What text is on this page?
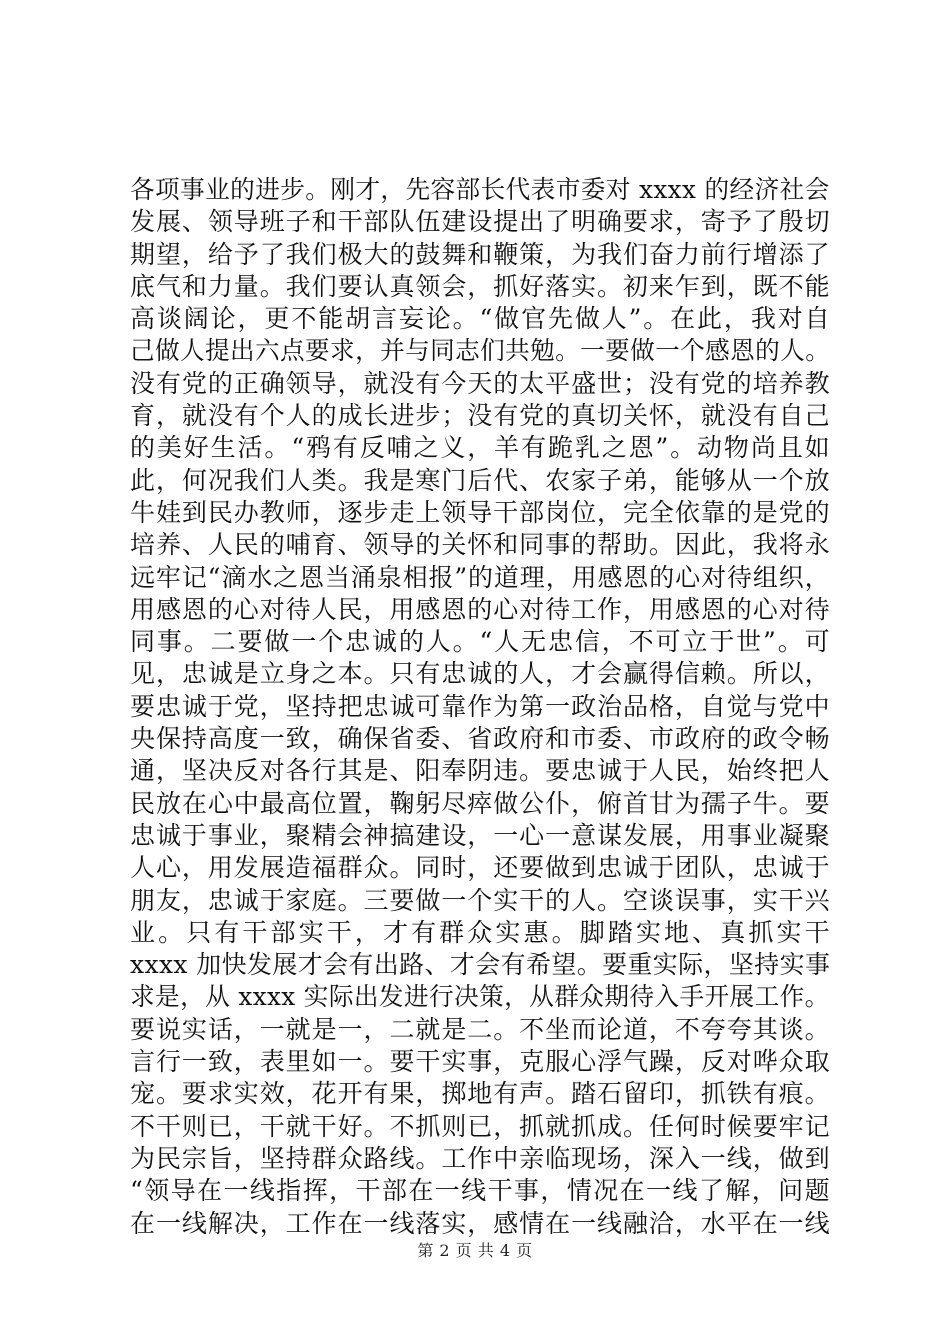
各项事业的进步。刚才，先容部长代表市委对 xxxx 的经济社会
发展、领导班子和干部队伍建设提出了明确要求，寄予了殷切
期望，给予了我们极大的鼓舞和鞭策，为我们奋力前行增添了
底气和力量。我们要认真领会，抓好落实。初来乍到，既不能
高谈阔论，更不能胡言妄论。“做官先做人”。在此，我对自
己做人提出六点要求，并与同志们共勉。一要做一个感恩的人。
没有党的正确领导，就没有今天的太平盛世；没有党的培养教
育，就没有个人的成长进步；没有党的真切关怀，就没有自己
的美好生活。“鸦有反哺之义，羊有跪乳之恩”。动物尚且如
此，何况我们人类。我是寒门后代、农家子弟，能够从一个放
牛娃到民办教师，逐步走上领导干部岗位，完全依靠的是党的
培养、人民的哺育、领导的关怀和同事的帮助。因此，我将永
远牢记“滴水之恩当涌泉相报”的道理，用感恩的心对待组织，
用感恩的心对待人民，用感恩的心对待工作，用感恩的心对待
同事。二要做一个忠诚的人。“人无忠信，不可立于世”。可
见，忠诚是立身之本。只有忠诚的人，才会赢得信赖。所以，
要忠诚于党，坚持把忠诚可靠作为第一政治品格，自觉与党中
央保持高度一致，确保省委、省政府和市委、市政府的政令畅
通，坚决反对各行其是、阳奉阴违。要忠诚于人民，始终把人
民放在心中最高位置，鞠躬尽瘁做公仆，俯首甘为孺子牛。要
忠诚于事业，聚精会神搞建设，一心一意谋发展，用事业凝聚
人心，用发展造福群众。同时，还要做到忠诚于团队，忠诚于
朋友，忠诚于家庭。三要做一个实干的人。空谈误事，实干兴
业。只有干部实干，才有群众实惠。脚踏实地、真抓实干
xxxx 加快发展才会有出路、才会有希望。要重实际，坚持实事
求是，从 xxxx 实际出发进行决策，从群众期待入手开展工作。
要说实话，一就是一，二就是二。不坐而论道，不夸夸其谈。
言行一致，表里如一。要干实事，克服心浮气躁，反对哗众取
宠。要求实效，花开有果，掷地有声。踏石留印，抓铁有痕。
不干则已，干就干好。不抓则已，抓就抓成。任何时候要牢记
为民宗旨，坚持群众路线。工作中亲临现场，深入一线，做到
“领导在一线指挥，干部在一线干事，情况在一线了解，问题
在一线解决，工作在一线落实，感情在一线融洽，水平在一线
第 2 页 共 4 页
